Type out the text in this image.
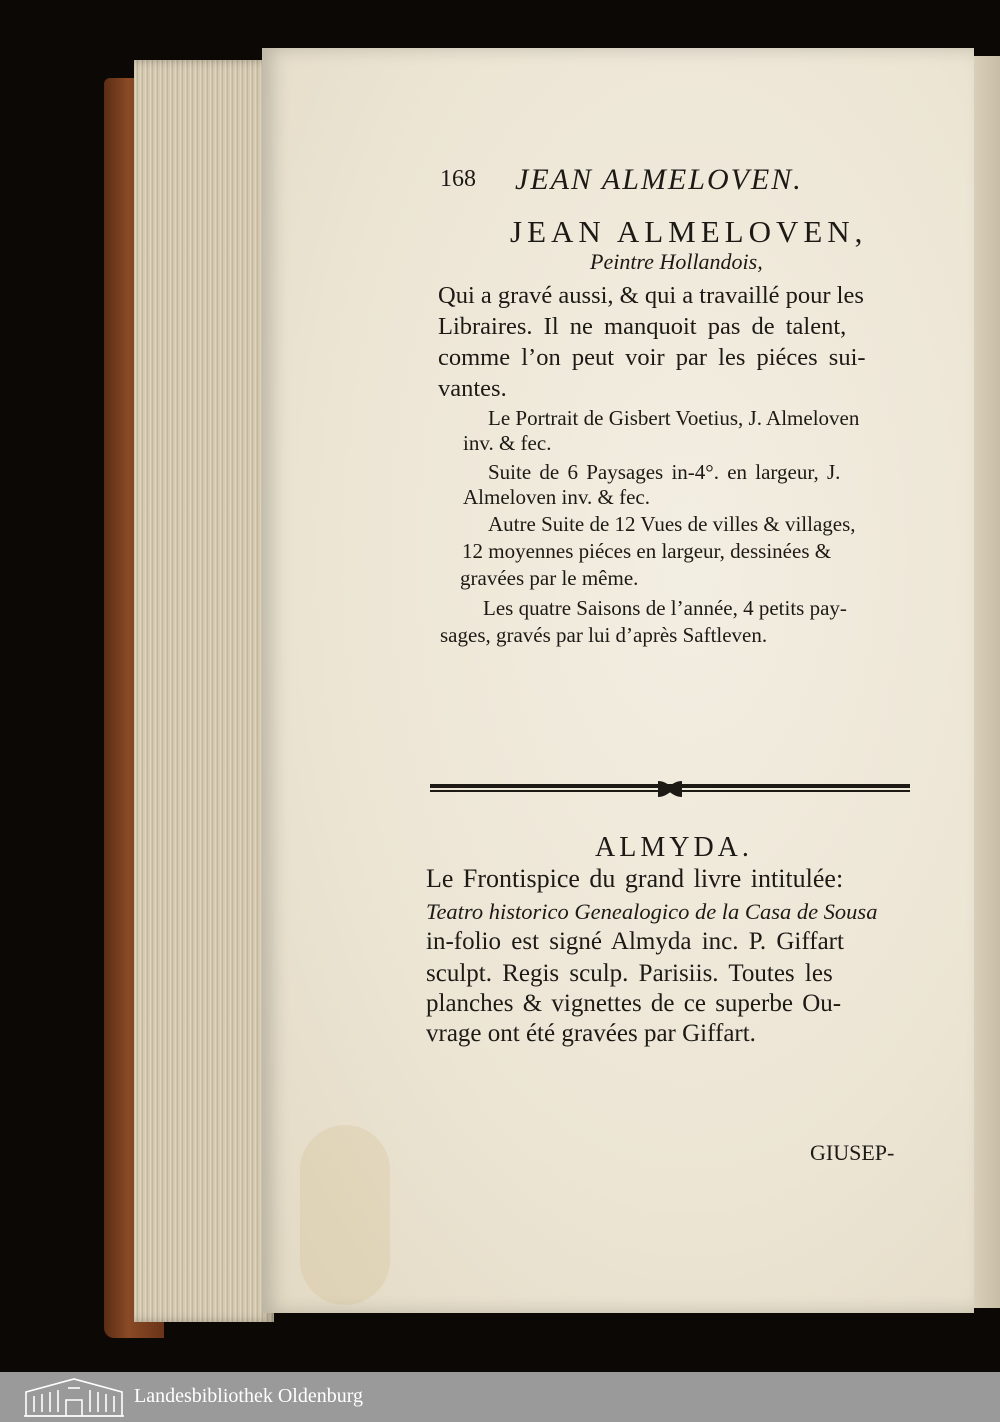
168 JEAN ALMELOVEN.

JEAN ALMELOVEN,

Peintre Hollandois,

Qui a gravé aussi, & qui a travaillé pour les

Libraires. Il ne manquoit pas de talent,

comme l’on peut voir par les piéces sui-

vantes.

Le Portrait de Gisbert Voetius, J. Almeloven

inv. & fec.

Suite de 6 Paysages in-4°. en largeur, J.

Almeloven inv. & fec.

Autre Suite de 12 Vues de villes & villages,

12 moyennes piéces en largeur, dessinées &

gravées par le même.

Les quatre Saisons de l’année, 4 petits pay-

sages, gravés par lui d’après Saftleven.

ALMYDA.

Le Frontispice du grand livre intitulée:

Teatro historico Genealogico de la Casa de Sousa

in-folio est signé Almyda inc. P. Giffart

sculpt. Regis sculp. Parisiis. Toutes les

planches & vignettes de ce superbe Ou-

vrage ont été gravées par Giffart.

GIUSEP-

Landesbibliothek Oldenburg
